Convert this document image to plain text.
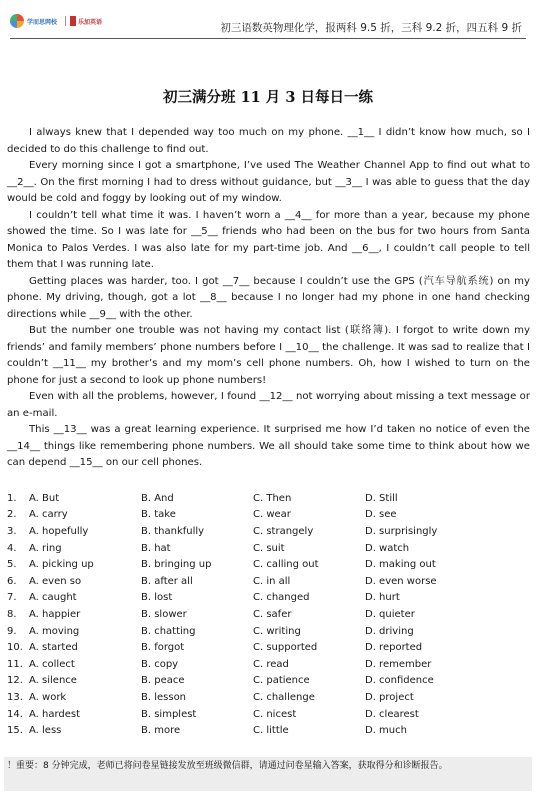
学而思网校	乐加英语	初三语数英物理化学，报两科 9.5 折，三科 9.2 折，四五科 9 折
初三满分班 11 月 3 日每日一练

I always knew that I depended way too much on my phone. __1__ I didn’t know how much, so I decided to do this challenge to find out.

Every morning since I got a smartphone, I’ve used The Weather Channel App to find out what to __2__. On the first morning I had to dress without guidance, but __3__ I was able to guess that the day would be cold and foggy by looking out of my window.

I couldn’t tell what time it was. I haven’t worn a __4__ for more than a year, because my phone showed the time. So I was late for __5__ friends who had been on the bus for two hours from Santa Monica to Palos Verdes. I was also late for my part-time job. And __6__, I couldn’t call people to tell them that I was running late.

Getting places was harder, too. I got __7__ because I couldn’t use the GPS (汽车导航系统) on my phone. My driving, though, got a lot __8__ because I no longer had my phone in one hand checking directions while __9__ with the other.

But the number one trouble was not having my contact list (联络簿). I forgot to write down my friends’ and family members’ phone numbers before I __10__ the challenge. It was sad to realize that I couldn’t __11__ my brother’s and my mom’s cell phone numbers. Oh, how I wished to turn on the phone for just a second to look up phone numbers!

Even with all the problems, however, I found __12__ not worrying about missing a text message or an e-mail.

This __13__ was a great learning experience. It surprised me how I’d taken no notice of even the __14__ things like remembering phone numbers. We all should take some time to think about how we can depend __15__ on our cell phones.

1.	A. But	B. And	C. Then	D. Still
2.	A. carry	B. take	C. wear	D. see
3.	A. hopefully	B. thankfully	C. strangely	D. surprisingly
4.	A. ring	B. hat	C. suit	D. watch
5.	A. picking up	B. bringing up	C. calling out	D. making out
6.	A. even so	B. after all	C. in all	D. even worse
7.	A. caught	B. lost	C. changed	D. hurt
8.	A. happier	B. slower	C. safer	D. quieter
9.	A. moving	B. chatting	C. writing	D. driving
10. A. started	B. forgot	C. supported	D. reported
11. A. collect	B. copy	C. read	D. remember
12. A. silence	B. peace	C. patience	D. confidence
13. A. work	B. lesson	C. challenge	D. project
14. A. hardest	B. simplest	C. nicest	D. clearest
15. A. less	B. more	C. little	D. much
！重要：8 分钟完成，老师已将问卷星链接发放至班级微信群，请通过问卷星输入答案，获取得分和诊断报告。
